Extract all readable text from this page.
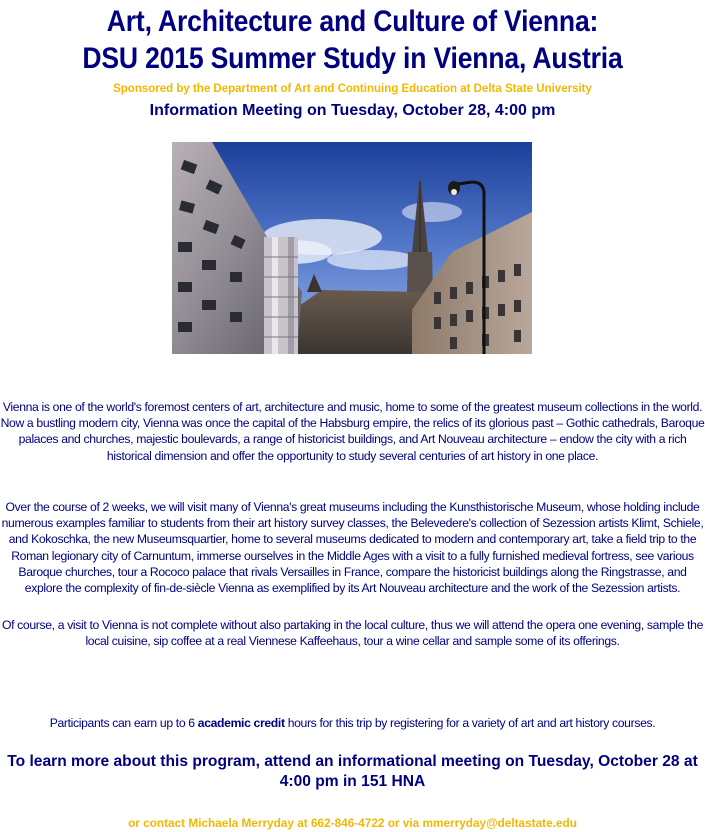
Art, Architecture and Culture of Vienna:
DSU 2015 Summer Study in Vienna, Austria
Sponsored by the Department of Art and Continuing Education at Delta State University
Information Meeting on Tuesday, October 28, 4:00 pm
Vienna is one of the world's foremost centers of art, architecture and music, home to some of the greatest museum collections in the world. Now a bustling modern city, Vienna was once the capital of the Habsburg empire, the relics of its glorious past – Gothic cathedrals, Baroque palaces and churches, majestic boulevards, a range of historicist buildings, and Art Nouveau architecture – endow the city with a rich historical dimension and offer the opportunity to study several centuries of art history in one place.
Over the course of 2 weeks, we will visit many of Vienna's great museums including the Kunsthistorische Museum, whose holding include numerous examples familiar to students from their art history survey classes, the Belevedere's collection of Sezession artists Klimt, Schiele, and Kokoschka, the new Museumsquartier, home to several museums dedicated to modern and contemporary art, take a field trip to the Roman legionary city of Carnuntum, immerse ourselves in the Middle Ages with a visit to a fully furnished medieval fortress, see various Baroque churches, tour a Rococo palace that rivals Versailles in France, compare the historicist buildings along the Ringstrasse, and explore the complexity of fin-de-siècle Vienna as exemplified by its Art Nouveau architecture and the work of the Sezession artists.
Of course, a visit to Vienna is not complete without also partaking in the local culture, thus we will attend the opera one evening, sample the local cuisine, sip coffee at a real Viennese Kaffeehaus, tour a wine cellar and sample some of its offerings.
Participants can earn up to 6 academic credit hours for this trip by registering for a variety of art and art history courses.
To learn more about this program, attend an informational meeting on Tuesday, October 28 at 4:00 pm in 151 HNA
or contact Michaela Merryday at 662-846-4722 or via mmerryday@deltastate.edu
